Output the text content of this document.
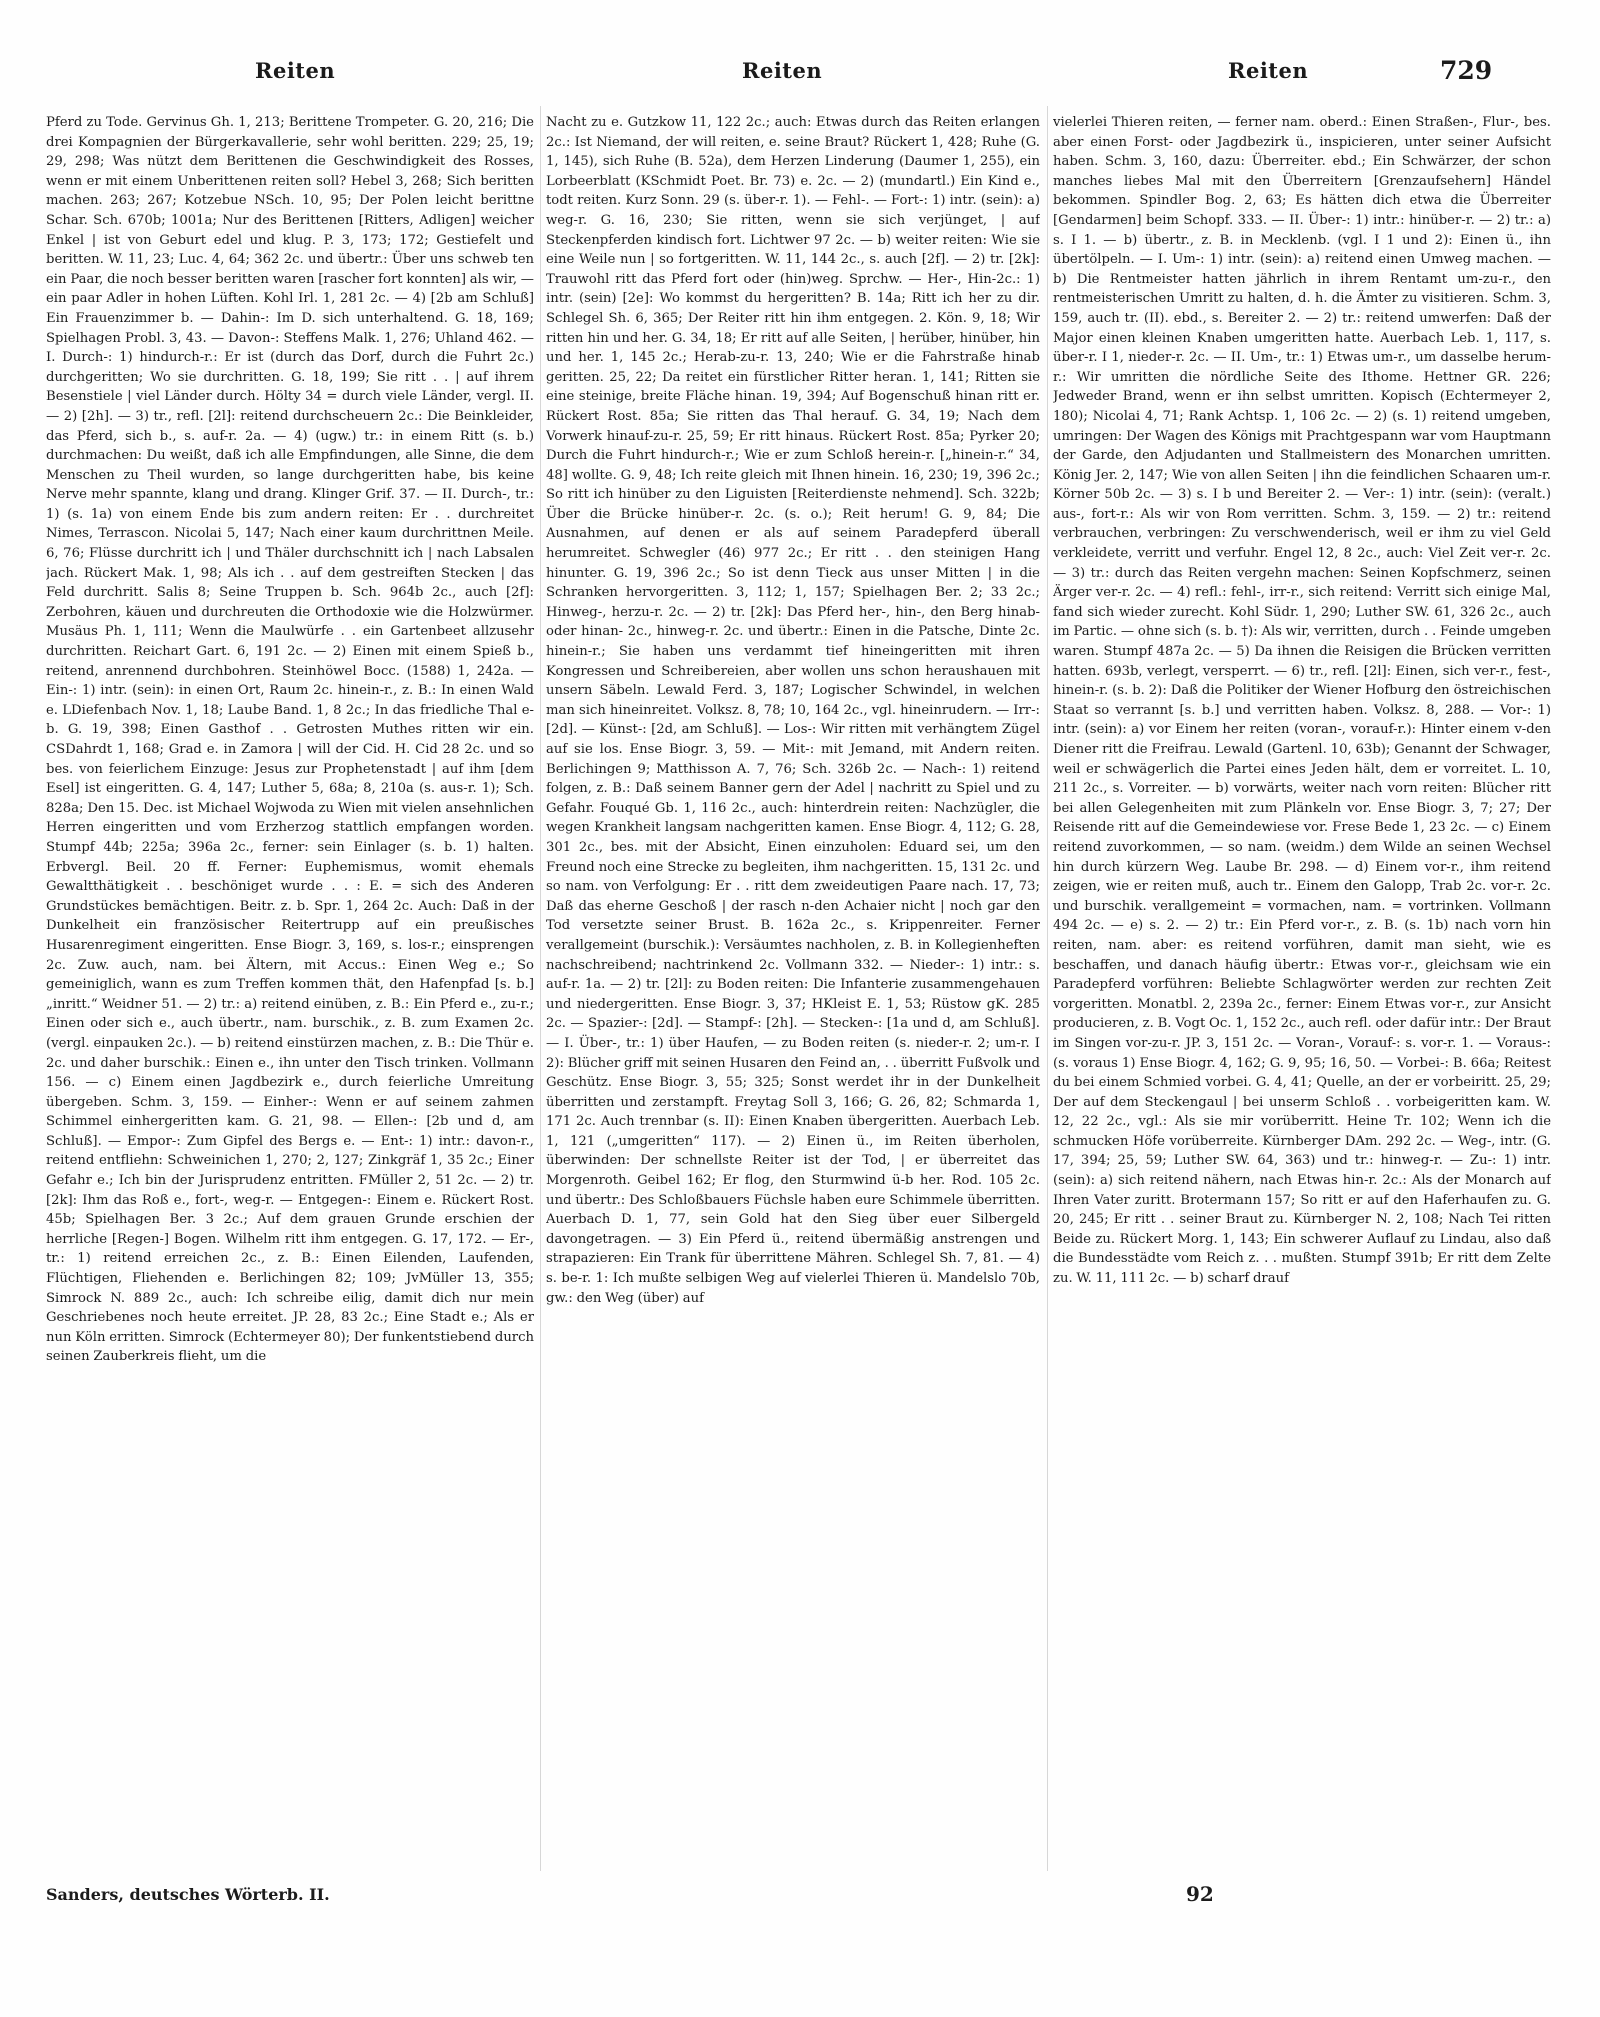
Reiten	Reiten	Reiten	729
Pferd zu Tode. Gervinus Gh. 1, 213; Berittene Trompeter. G. 20, 216; Die drei Kompagnien der Bürgerkavallerie, sehr wohl beritten. 229; 25, 19; 29, 298; Was nützt dem Berittenen die Geschwindigkeit des Rosses, wenn er mit einem Unberittenen reiten soll? Hebel 3, 268; Sich beritten machen. 263; 267; Kotzebue NSch. 10, 95; Der Polen leicht berittne Schar. Sch. 670b; 1001a; Nur des Berittenen [Ritters, Adligen] weicher Enkel | ist von Geburt edel und klug. P. 3, 173; 172; Gestiefelt und beritten. W. 11, 23; Luc. 4, 64; 362 2c. und übertr.: Über uns schweb ten ein Paar, die noch besser beritten waren [rascher fort konnten] als wir, — ein paar Adler in hohen Lüften. Kohl Irl. 1, 281 2c. — 4) [2b am Schluß] Ein Frauenzimmer b. — Dahin-: Im D. sich unterhaltend. G. 18, 169; Spielhagen Probl. 3, 43. — Davon-: Steffens Malk. 1, 276; Uhland 462. — I. Durch-: 1) hindurch-r.: Er ist (durch das Dorf, durch die Fuhrt 2c.) durchgeritten; Wo sie durchritten. G. 18, 199; Sie ritt . . | auf ihrem Besenstiele | viel Länder durch. Hölty 34 = durch viele Länder, vergl. II. — 2) [2h]. — 3) tr., refl. [2l]: reitend durchscheuern 2c.: Die Beinkleider, das Pferd, sich b., s. auf-r. 2a. — 4) (ugw.) tr.: in einem Ritt (s. b.) durchmachen: Du weißt, daß ich alle Empfindungen, alle Sinne, die dem Menschen zu Theil wurden, so lange durchgeritten habe, bis keine Nerve mehr spannte, klang und drang. Klinger Grif. 37. — II. Durch-, tr.: 1) (s. 1a) von einem Ende bis zum andern reiten: Er . . durchreitet Nimes, Terrascon. Nicolai 5, 147; Nach einer kaum durchrittnen Meile. 6, 76; Flüsse durchritt ich | und Thäler durchschnitt ich | nach Labsalen jach. Rückert Mak. 1, 98; Als ich . . auf dem gestreiften Stecken | das Feld durchritt. Salis 8; Seine Truppen b. Sch. 964b 2c., auch [2f]: Zerbohren, käuen und durchreuten die Orthodoxie wie die Holzwürmer. Musäus Ph. 1, 111; Wenn die Maulwürfe . . ein Gartenbeet allzusehr durchritten. Reichart Gart. 6, 191 2c. — 2) Einen mit einem Spieß b., reitend, anrennend durchbohren. Steinhöwel Bocc. (1588) 1, 242a. — Ein-: 1) intr. (sein): in einen Ort, Raum 2c. hinein-r., z. B.: In einen Wald e. LDiefenbach Nov. 1, 18; Laube Band. 1, 8 2c.; In das friedliche Thal e-b. G. 19, 398; Einen Gasthof . . Getrosten Muthes ritten wir ein. CSDahrdt 1, 168; Grad e. in Zamora | will der Cid. H. Cid 28 2c. und so bes. von feierlichem Einzuge: Jesus zur Prophetenstadt | auf ihm [dem Esel] ist eingeritten. G. 4, 147; Luther 5, 68a; 8, 210a (s. aus-r. 1); Sch. 828a; Den 15. Dec. ist Michael Wojwoda zu Wien mit vielen ansehnlichen Herren eingeritten und vom Erzherzog stattlich empfangen worden. Stumpf 44b; 225a; 396a 2c., ferner: sein Einlager (s. b. 1) halten. Erbvergl. Beil. 20 ff. Ferner: Euphemismus, womit ehemals Gewaltthätigkeit . . beschöniget wurde . . : E. = sich des Anderen Grundstückes bemächtigen. Beitr. z. b. Spr. 1, 264 2c. Auch: Daß in der Dunkelheit ein französischer Reitertrupp auf ein preußisches Husarenregiment eingeritten. Ense Biogr. 3, 169, s. los-r.; einsprengen 2c. Zuw. auch, nam. bei Ältern, mit Accus.: Einen Weg e.; So gemeiniglich, wann es zum Treffen kommen thät, den Hafenpfad [s. b.] „inritt.“ Weidner 51. — 2) tr.: a) reitend einüben, z. B.: Ein Pferd e., zu-r.; Einen oder sich e., auch übertr., nam. burschik., z. B. zum Examen 2c. (vergl. einpauken 2c.). — b) reitend einstürzen machen, z. B.: Die Thür e. 2c. und daher burschik.: Einen e., ihn unter den Tisch trinken. Vollmann 156. — c) Einem einen Jagdbezirk e., durch feierliche Umreitung übergeben. Schm. 3, 159. — Einher-: Wenn er auf seinem zahmen Schimmel einhergeritten kam. G. 21, 98. — Ellen-: [2b und d, am Schluß]. — Empor-: Zum Gipfel des Bergs e. — Ent-: 1) intr.: davon-r., reitend entfliehn: Schweinichen 1, 270; 2, 127; Zinkgräf 1, 35 2c.; Einer Gefahr e.; Ich bin der Jurisprudenz entritten. FMüller 2, 51 2c. — 2) tr. [2k]: Ihm das Roß e., fort-, weg-r. — Entgegen-: Einem e. Rückert Rost. 45b; Spielhagen Ber. 3 2c.; Auf dem grauen Grunde erschien der herrliche [Regen-] Bogen. Wilhelm ritt ihm entgegen. G. 17, 172. — Er-, tr.: 1) reitend erreichen 2c., z. B.: Einen Eilenden, Laufenden, Flüchtigen, Fliehenden e. Berlichingen 82; 109; JvMüller 13, 355; Simrock N. 889 2c., auch: Ich schreibe eilig, damit dich nur mein Geschriebenes noch heute erreitet. JP. 28, 83 2c.; Eine Stadt e.; Als er nun Köln erritten. Simrock (Echtermeyer 80); Der funkentstiebend durch seinen Zauberkreis flieht, um die
Nacht zu e. Gutzkow 11, 122 2c.; auch: Etwas durch das Reiten erlangen 2c.: Ist Niemand, der will reiten, e. seine Braut? Rückert 1, 428; Ruhe (G. 1, 145), sich Ruhe (B. 52a), dem Herzen Linderung (Daumer 1, 255), ein Lorbeerblatt (KSchmidt Poet. Br. 73) e. 2c. — 2) (mundartl.) Ein Kind e., todt reiten. Kurz Sonn. 29 (s. über-r. 1). — Fehl-. — Fort-: 1) intr. (sein): a) weg-r. G. 16, 230; Sie ritten, wenn sie sich verjünget, | auf Steckenpferden kindisch fort. Lichtwer 97 2c. — b) weiter reiten: Wie sie eine Weile nun | so fortgeritten. W. 11, 144 2c., s. auch [2f]. — 2) tr. [2k]: Trauwohl ritt das Pferd fort oder (hin)weg. Sprchw. — Her-, Hin-2c.: 1) intr. (sein) [2e]: Wo kommst du hergeritten? B. 14a; Ritt ich her zu dir. Schlegel Sh. 6, 365; Der Reiter ritt hin ihm entgegen. 2. Kön. 9, 18; Wir ritten hin und her. G. 34, 18; Er ritt auf alle Seiten, | herüber, hinüber, hin und her. 1, 145 2c.; Herab-zu-r. 13, 240; Wie er die Fahrstraße hinab geritten. 25, 22; Da reitet ein fürstlicher Ritter heran. 1, 141; Ritten sie eine steinige, breite Fläche hinan. 19, 394; Auf Bogenschuß hinan ritt er. Rückert Rost. 85a; Sie ritten das Thal herauf. G. 34, 19; Nach dem Vorwerk hinauf-zu-r. 25, 59; Er ritt hinaus. Rückert Rost. 85a; Pyrker 20; Durch die Fuhrt hindurch-r.; Wie er zum Schloß herein-r. [„hinein-r.“ 34, 48] wollte. G. 9, 48; Ich reite gleich mit Ihnen hinein. 16, 230; 19, 396 2c.; So ritt ich hinüber zu den Liguisten [Reiterdienste nehmend]. Sch. 322b; Über die Brücke hinüber-r. 2c. (s. o.); Reit herum! G. 9, 84; Die Ausnahmen, auf denen er als auf seinem Paradepferd überall herumreitet. Schwegler (46) 977 2c.; Er ritt . . den steinigen Hang hinunter. G. 19, 396 2c.; So ist denn Tieck aus unser Mitten | in die Schranken hervorgeritten. 3, 112; 1, 157; Spielhagen Ber. 2; 33 2c.; Hinweg-, herzu-r. 2c. — 2) tr. [2k]: Das Pferd her-, hin-, den Berg hinab- oder hinan- 2c., hinweg-r. 2c. und übertr.: Einen in die Patsche, Dinte 2c. hinein-r.; Sie haben uns verdammt tief hineingeritten mit ihren Kongressen und Schreibereien, aber wollen uns schon heraushauen mit unsern Säbeln. Lewald Ferd. 3, 187; Logischer Schwindel, in welchen man sich hineinreitet. Volksz. 8, 78; 10, 164 2c., vgl. hineinrudern. — Irr-: [2d]. — Künst-: [2d, am Schluß]. — Los-: Wir ritten mit verhängtem Zügel auf sie los. Ense Biogr. 3, 59. — Mit-: mit Jemand, mit Andern reiten. Berlichingen 9; Matthisson A. 7, 76; Sch. 326b 2c. — Nach-: 1) reitend folgen, z. B.: Daß seinem Banner gern der Adel | nachritt zu Spiel und zu Gefahr. Fouqué Gb. 1, 116 2c., auch: hinterdrein reiten: Nachzügler, die wegen Krankheit langsam nachgeritten kamen. Ense Biogr. 4, 112; G. 28, 301 2c., bes. mit der Absicht, Einen einzuholen: Eduard sei, um den Freund noch eine Strecke zu begleiten, ihm nachgeritten. 15, 131 2c. und so nam. von Verfolgung: Er . . ritt dem zweideutigen Paare nach. 17, 73; Daß das eherne Geschoß | der rasch n-den Achaier nicht | noch gar den Tod versetzte seiner Brust. B. 162a 2c., s. Krippenreiter. Ferner verallgemeint (burschik.): Versäumtes nachholen, z. B. in Kollegienheften nachschreibend; nachtrinkend 2c. Vollmann 332. — Nieder-: 1) intr.: s. auf-r. 1a. — 2) tr. [2l]: zu Boden reiten: Die Infanterie zusammengehauen und niedergeritten. Ense Biogr. 3, 37; HKleist E. 1, 53; Rüstow gK. 285 2c. — Spazier-: [2d]. — Stampf-: [2h]. — Stecken-: [1a und d, am Schluß]. — I. Über-, tr.: 1) über Haufen, — zu Boden reiten (s. nieder-r. 2; um-r. I 2): Blücher griff mit seinen Husaren den Feind an, . . überritt Fußvolk und Geschütz. Ense Biogr. 3, 55; 325; Sonst werdet ihr in der Dunkelheit überritten und zerstampft. Freytag Soll 3, 166; G. 26, 82; Schmarda 1, 171 2c. Auch trennbar (s. II): Einen Knaben übergeritten. Auerbach Leb. 1, 121 („umgeritten“ 117). — 2) Einen ü., im Reiten überholen, überwinden: Der schnellste Reiter ist der Tod, | er überreitet das Morgenroth. Geibel 162; Er flog, den Sturmwind ü-b her. Rod. 105 2c. und übertr.: Des Schloßbauers Füchsle haben eure Schimmele überritten. Auerbach D. 1, 77, sein Gold hat den Sieg über euer Silbergeld davongetragen. — 3) Ein Pferd ü., reitend übermäßig anstrengen und strapazieren: Ein Trank für überrittene Mähren. Schlegel Sh. 7, 81. — 4) s. be-r. 1: Ich mußte selbigen Weg auf vielerlei Thieren ü. Mandelslo 70b, gw.: den Weg (über) auf
vielerlei Thieren reiten, — ferner nam. oberd.: Einen Straßen-, Flur-, bes. aber einen Forst- oder Jagdbezirk ü., inspicieren, unter seiner Aufsicht haben. Schm. 3, 160, dazu: Überreiter. ebd.; Ein Schwärzer, der schon manches liebes Mal mit den Überreitern [Grenzaufsehern] Händel bekommen. Spindler Bog. 2, 63; Es hätten dich etwa die Überreiter [Gendarmen] beim Schopf. 333. — II. Über-: 1) intr.: hinüber-r. — 2) tr.: a) s. I 1. — b) übertr., z. B. in Mecklenb. (vgl. I 1 und 2): Einen ü., ihn übertölpeln. — I. Um-: 1) intr. (sein): a) reitend einen Umweg machen. — b) Die Rentmeister hatten jährlich in ihrem Rentamt um-zu-r., den rentmeisterischen Umritt zu halten, d. h. die Ämter zu visitieren. Schm. 3, 159, auch tr. (II). ebd., s. Bereiter 2. — 2) tr.: reitend umwerfen: Daß der Major einen kleinen Knaben umgeritten hatte. Auerbach Leb. 1, 117, s. über-r. I 1, nieder-r. 2c. — II. Um-, tr.: 1) Etwas um-r., um dasselbe herum-r.: Wir umritten die nördliche Seite des Ithome. Hettner GR. 226; Jedweder Brand, wenn er ihn selbst umritten. Kopisch (Echtermeyer 2, 180); Nicolai 4, 71; Rank Achtsp. 1, 106 2c. — 2) (s. 1) reitend umgeben, umringen: Der Wagen des Königs mit Prachtgespann war vom Hauptmann der Garde, den Adjudanten und Stallmeistern des Monarchen umritten. König Jer. 2, 147; Wie von allen Seiten | ihn die feindlichen Schaaren um-r. Körner 50b 2c. — 3) s. I b und Bereiter 2. — Ver-: 1) intr. (sein): (veralt.) aus-, fort-r.: Als wir von Rom verritten. Schm. 3, 159. — 2) tr.: reitend verbrauchen, verbringen: Zu verschwenderisch, weil er ihm zu viel Geld verkleidete, verritt und verfuhr. Engel 12, 8 2c., auch: Viel Zeit ver-r. 2c. — 3) tr.: durch das Reiten vergehn machen: Seinen Kopfschmerz, seinen Ärger ver-r. 2c. — 4) refl.: fehl-, irr-r., sich reitend: Verritt sich einige Mal, fand sich wieder zurecht. Kohl Südr. 1, 290; Luther SW. 61, 326 2c., auch im Partic. — ohne sich (s. b. †): Als wir, verritten, durch . . Feinde umgeben waren. Stumpf 487a 2c. — 5) Da ihnen die Reisigen die Brücken verritten hatten. 693b, verlegt, versperrt. — 6) tr., refl. [2l]: Einen, sich ver-r., fest-, hinein-r. (s. b. 2): Daß die Politiker der Wiener Hofburg den östreichischen Staat so verrannt [s. b.] und verritten haben. Volksz. 8, 288. — Vor-: 1) intr. (sein): a) vor Einem her reiten (voran-, vorauf-r.): Hinter einem v-den Diener ritt die Freifrau. Lewald (Gartenl. 10, 63b); Genannt der Schwager, weil er schwägerlich die Partei eines Jeden hält, dem er vorreitet. L. 10, 211 2c., s. Vorreiter. — b) vorwärts, weiter nach vorn reiten: Blücher ritt bei allen Gelegenheiten mit zum Plänkeln vor. Ense Biogr. 3, 7; 27; Der Reisende ritt auf die Gemeindewiese vor. Frese Bede 1, 23 2c. — c) Einem reitend zuvorkommen, — so nam. (weidm.) dem Wilde an seinen Wechsel hin durch kürzern Weg. Laube Br. 298. — d) Einem vor-r., ihm reitend zeigen, wie er reiten muß, auch tr.. Einem den Galopp, Trab 2c. vor-r. 2c. und burschik. verallgemeint = vormachen, nam. = vortrinken. Vollmann 494 2c. — e) s. 2. — 2) tr.: Ein Pferd vor-r., z. B. (s. 1b) nach vorn hin reiten, nam. aber: es reitend vorführen, damit man sieht, wie es beschaffen, und danach häufig übertr.: Etwas vor-r., gleichsam wie ein Paradepferd vorführen: Beliebte Schlagwörter werden zur rechten Zeit vorgeritten. Monatbl. 2, 239a 2c., ferner: Einem Etwas vor-r., zur Ansicht producieren, z. B. Vogt Oc. 1, 152 2c., auch refl. oder dafür intr.: Der Braut im Singen vor-zu-r. JP. 3, 151 2c. — Voran-, Vorauf-: s. vor-r. 1. — Voraus-: (s. voraus 1) Ense Biogr. 4, 162; G. 9, 95; 16, 50. — Vorbei-: B. 66a; Reitest du bei einem Schmied vorbei. G. 4, 41; Quelle, an der er vorbeiritt. 25, 29; Der auf dem Steckengaul | bei unserm Schloß . . vorbeigeritten kam. W. 12, 22 2c., vgl.: Als sie mir vorüberritt. Heine Tr. 102; Wenn ich die schmucken Höfe vorüberreite. Kürnberger DAm. 292 2c. — Weg-, intr. (G. 17, 394; 25, 59; Luther SW. 64, 363) und tr.: hinweg-r. — Zu-: 1) intr. (sein): a) sich reitend nähern, nach Etwas hin-r. 2c.: Als der Monarch auf Ihren Vater zuritt. Brotermann 157; So ritt er auf den Haferhaufen zu. G. 20, 245; Er ritt . . seiner Braut zu. Kürnberger N. 2, 108; Nach Tei ritten Beide zu. Rückert Morg. 1, 143; Ein schwerer Auflauf zu Lindau, also daß die Bundesstädte vom Reich z. . . mußten. Stumpf 391b; Er ritt dem Zelte zu. W. 11, 111 2c. — b) scharf drauf
Sanders, deutsches Wörterb. II.	92
